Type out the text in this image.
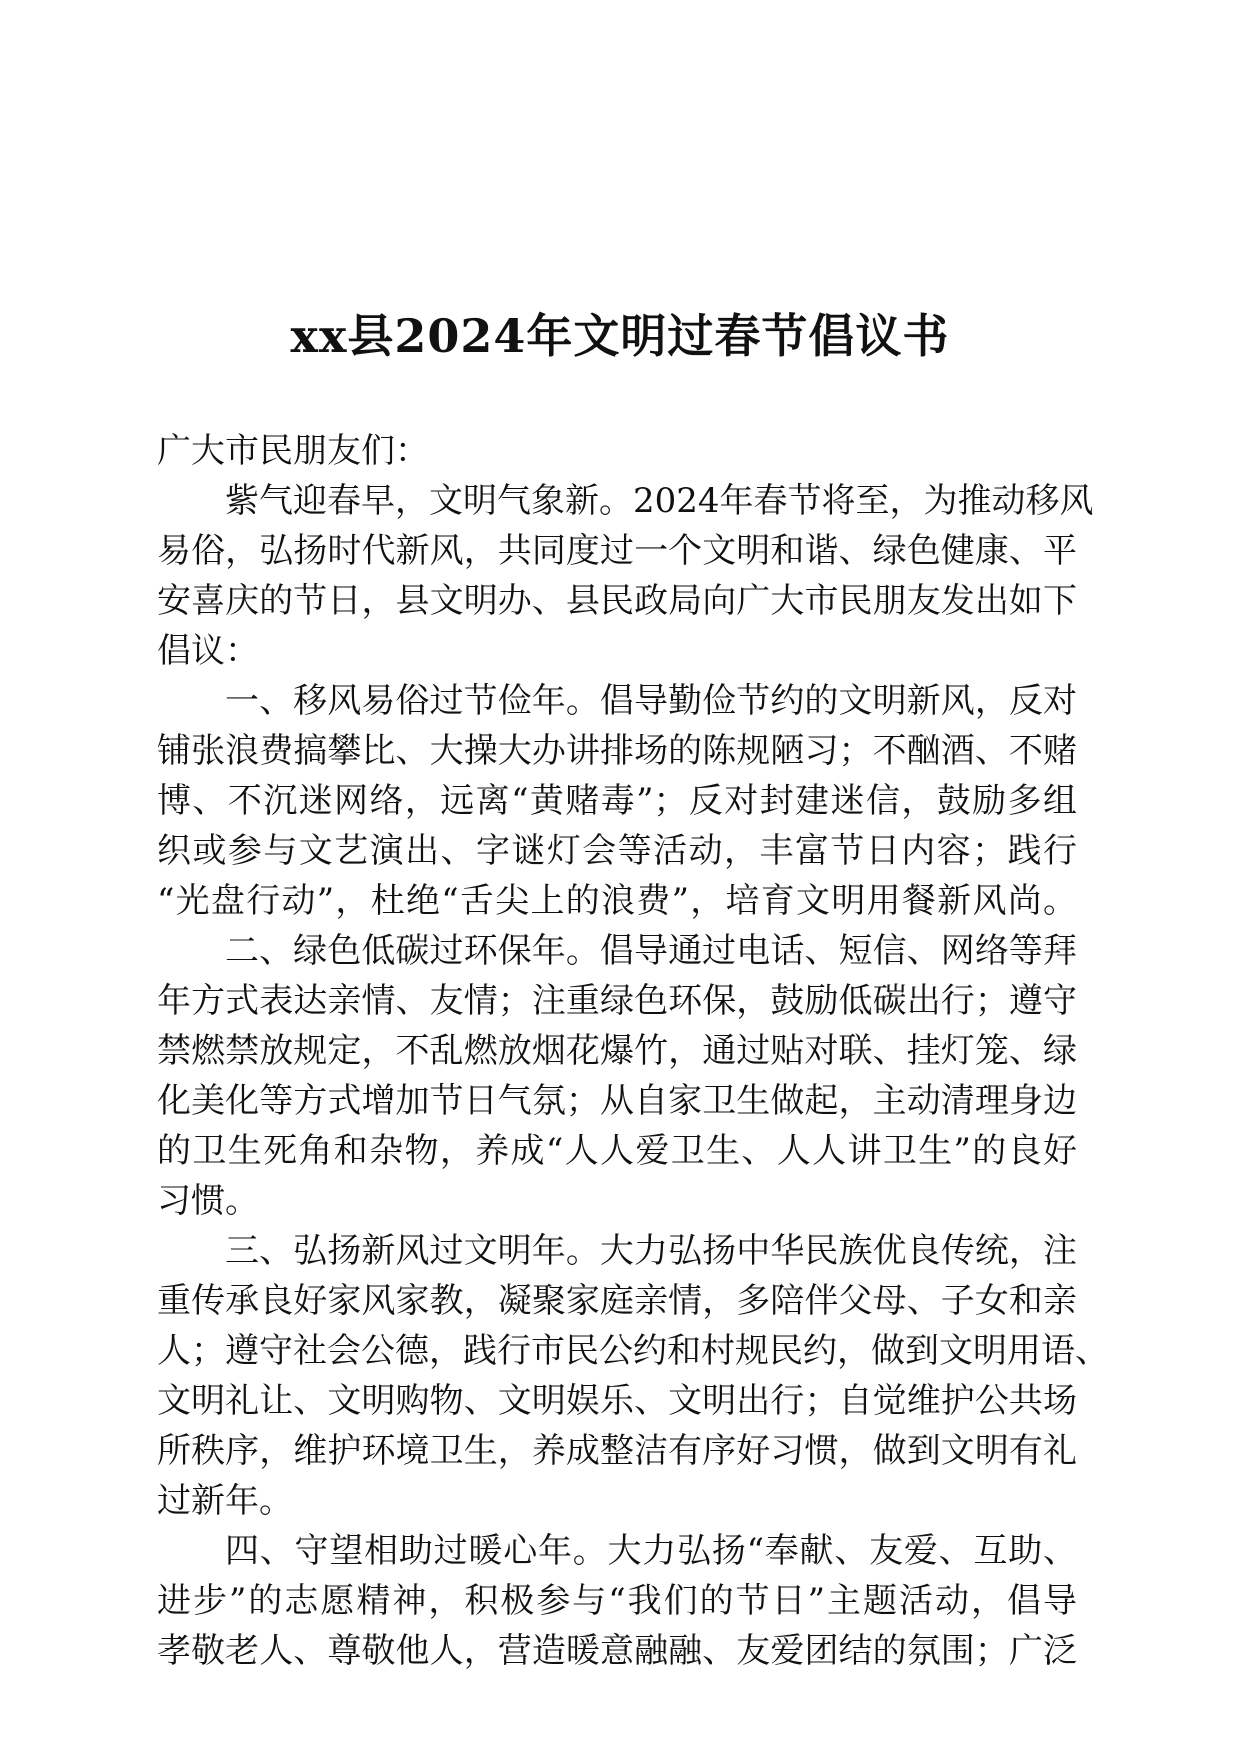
xx县2024年文明过春节倡议书
广大市民朋友们：
紫气迎春早，文明气象新。2024年春节将至，为推动移风
易俗，弘扬时代新风，共同度过一个文明和谐、绿色健康、平
安喜庆的节日，县文明办、县民政局向广大市民朋友发出如下
倡议：
一、移风易俗过节俭年。倡导勤俭节约的文明新风，反对
铺张浪费搞攀比、大操大办讲排场的陈规陋习；不酗酒、不赌
博、不沉迷网络，远离“黄赌毒”；反对封建迷信，鼓励多组
织或参与文艺演出、字谜灯会等活动，丰富节日内容；践行
“光盘行动”，杜绝“舌尖上的浪费”，培育文明用餐新风尚。
二、绿色低碳过环保年。倡导通过电话、短信、网络等拜
年方式表达亲情、友情；注重绿色环保，鼓励低碳出行；遵守
禁燃禁放规定，不乱燃放烟花爆竹，通过贴对联、挂灯笼、绿
化美化等方式增加节日气氛；从自家卫生做起，主动清理身边
的卫生死角和杂物，养成“人人爱卫生、人人讲卫生”的良好
习惯。
三、弘扬新风过文明年。大力弘扬中华民族优良传统，注
重传承良好家风家教，凝聚家庭亲情，多陪伴父母、子女和亲
人；遵守社会公德，践行市民公约和村规民约，做到文明用语、
文明礼让、文明购物、文明娱乐、文明出行；自觉维护公共场
所秩序，维护环境卫生，养成整洁有序好习惯，做到文明有礼
过新年。
四、守望相助过暖心年。大力弘扬“奉献、友爱、互助、
进步”的志愿精神，积极参与“我们的节日”主题活动，倡导
孝敬老人、尊敬他人，营造暖意融融、友爱团结的氛围；广泛
